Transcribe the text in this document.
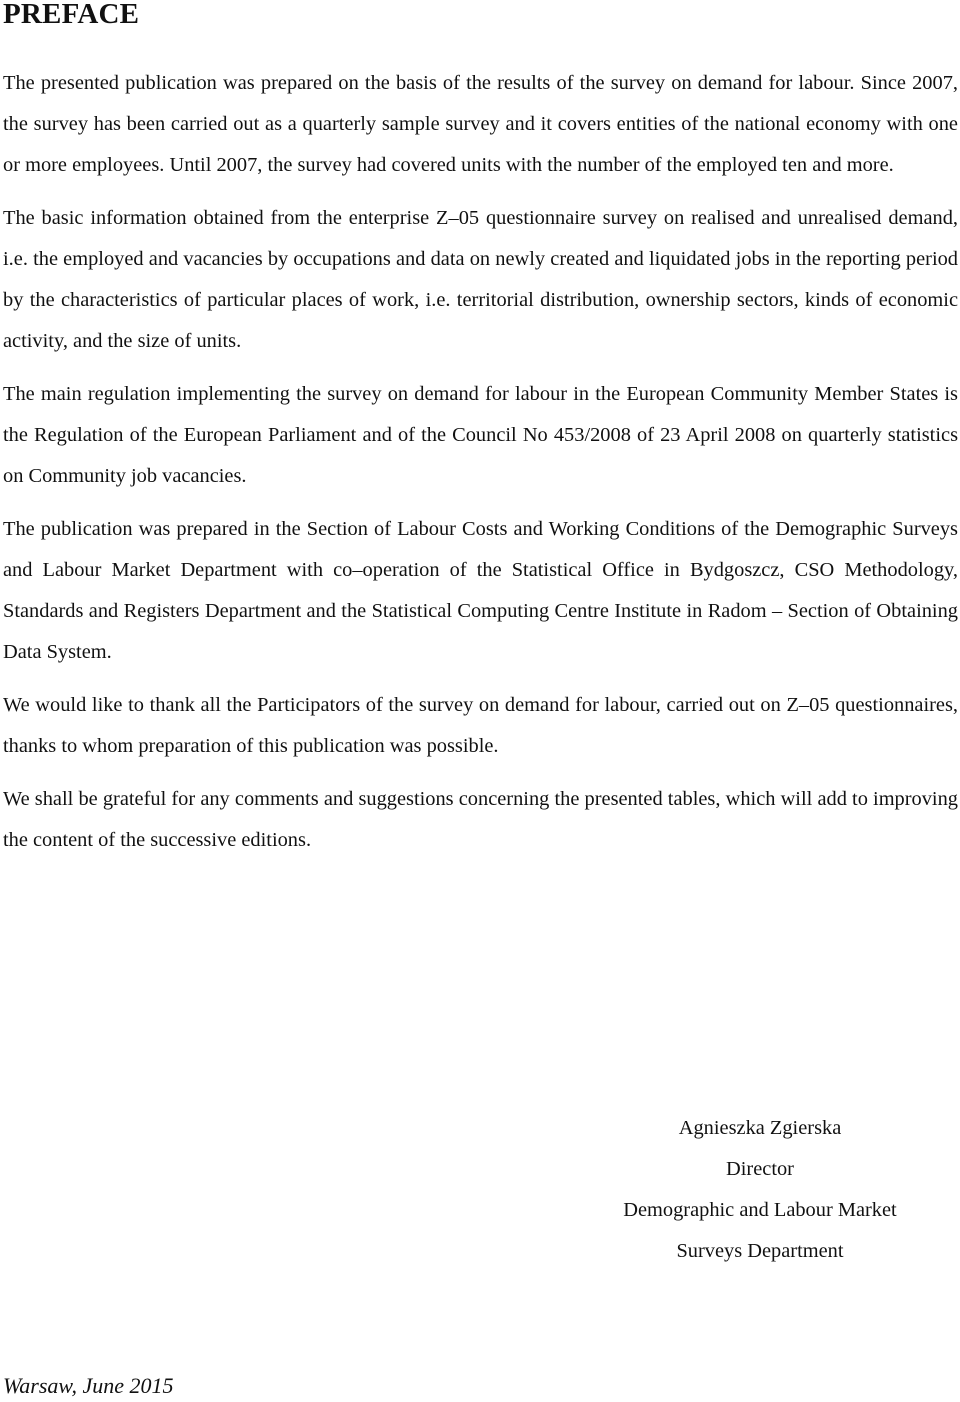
PREFACE

The presented publication was prepared on the basis of the results of the survey on demand for labour. Since 2007, the survey has been carried out as a quarterly sample survey and it covers entities of the national economy with one or more employees. Until 2007, the survey had covered units with the number of the employed ten and more.

The basic information obtained from the enterprise Z–05 questionnaire survey on realised and unrealised demand, i.e. the employed and vacancies by occupations and data on newly created and liquidated jobs in the reporting period by the characteristics of particular places of work, i.e. territorial distribution, ownership sectors, kinds of economic activity, and the size of units.

The main regulation implementing the survey on demand for labour in the European Community Member States is the Regulation of the European Parliament and of the Council No 453/2008 of 23 April 2008 on quarterly statistics on Community job vacancies.

The publication was prepared in the Section of Labour Costs and Working Conditions of the Demographic Surveys and Labour Market Department with co–operation of the Statistical Office in Bydgoszcz, CSO Methodology, Standards and Registers Department and the Statistical Computing Centre Institute in Radom – Section of Obtaining Data System.

We would like to thank all the Participators of the survey on demand for labour, carried out on Z–05 questionnaires, thanks to whom preparation of this publication was possible.

We shall be grateful for any comments and suggestions concerning the presented tables, which will add to improving the content of the successive editions.

Agnieszka Zgierska
Director
Demographic and Labour Market
Surveys Department
Warsaw, June 2015
